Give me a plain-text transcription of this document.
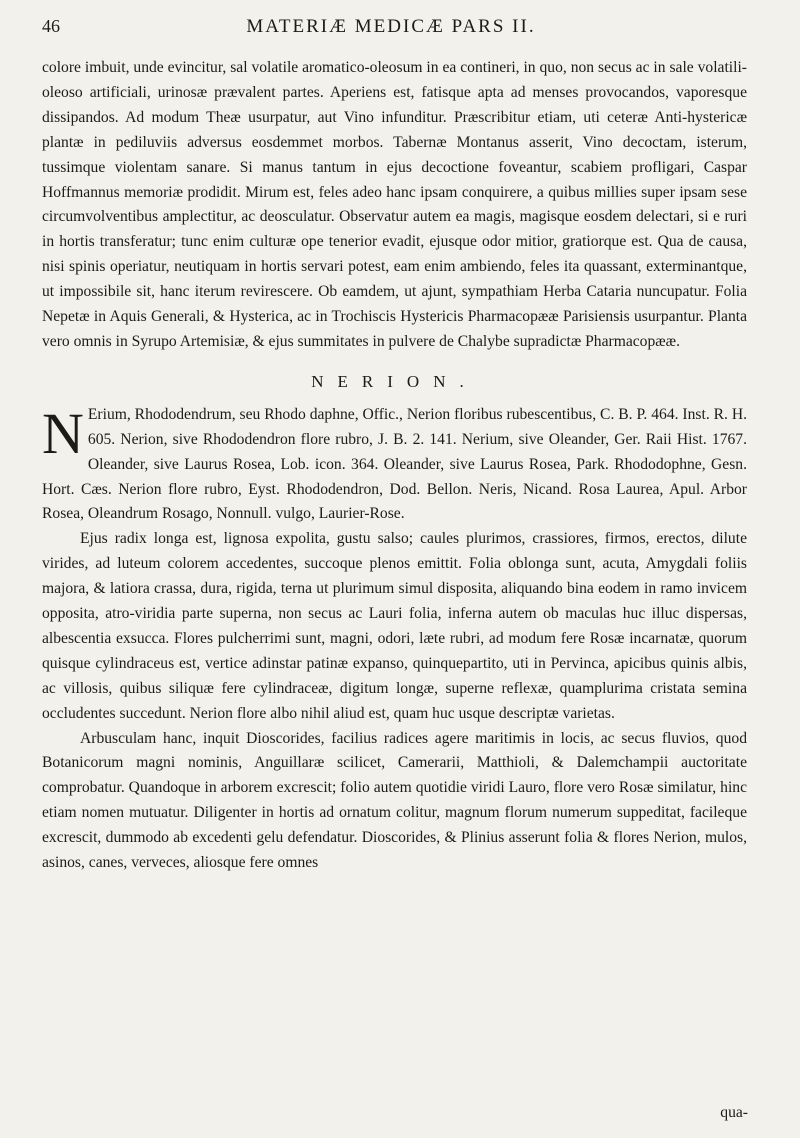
46	MATERIÆ MEDICÆ PARS II.

colore imbuit, unde evincitur, sal volatile aromatico-oleosum in ea contineri, in quo, non secus ac in sale volatili-oleoso artificiali, urinosæ prævalent partes. Aperiens est, fatisque apta ad menses provocandos, vaporesque dissipandos. Ad modum Theæ usurpatur, aut Vino infunditur. Præscribitur etiam, uti ceteræ Anti-hystericæ plantæ in pediluviis adversus eosdemmet morbos. Tabernæ Montanus asserit, Vino decoctam, isterum, tussimque violentam sanare. Si manus tantum in ejus decoctione foveantur, scabiem profligari, Caspar Hoffmannus memoriæ prodidit. Mirum est, feles adeo hanc ipsam conquirere, a quibus millies super ipsam sese circumvolventibus amplectitur, ac deosculatur. Observatur autem ea magis, magisque eosdem delectari, si e ruri in hortis transferatur; tunc enim culturæ ope tenerior evadit, ejusque odor mitior, gratiorque est. Qua de causa, nisi spinis operiatur, neutiquam in hortis servari potest, eam enim ambiendo, feles ita quassant, exterminantque, ut impossibile sit, hanc iterum revirescere. Ob eamdem, ut ajunt, sympathiam Herba Cataria nuncupatur. Folia Nepetæ in Aquis Generali, & Hysterica, ac in Trochiscis Hystericis Pharmacopææ Parisiensis usurpantur. Planta vero omnis in Syrupo Artemisiæ, & ejus summitates in pulvere de Chalybe supradictæ Pharmacopææ.

NERION.

N Erium, Rhododendrum, seu Rhodo daphne, Offic., Nerion floribus rubescentibus, C. B. P. 464. Inst. R. H. 605. Nerion, sive Rhododendron flore rubro, J. B. 2. 141. Nerium, sive Oleander, Ger. Raii Hist. 1767. Oleander, sive Laurus Rosea, Lob. icon. 364. Oleander, sive Laurus Rosea, Park. Rhododophne, Gesn. Hort. Cæs. Nerion flore rubro, Eyst. Rhododendron, Dod. Bellon. Neris, Nicand. Rosa Laurea, Apul. Arbor Rosea, Oleandrum Rosago, Nonnull. vulgo, Laurier-Rose.

Ejus radix longa est, lignosa expolita, gustu salso; caules plurimos, crassiores, firmos, erectos, dilute virides, ad luteum colorem accedentes, succoque plenos emittit. Folia oblonga sunt, acuta, Amygdali foliis majora, & latiora crassa, dura, rigida, terna ut plurimum simul disposita, aliquando bina eodem in ramo invicem opposita, atro-viridia parte superna, non secus ac Lauri folia, inferna autem ob maculas huc illuc dispersas, albescentia exsucca. Flores pulcherrimi sunt, magni, odori, læte rubri, ad modum fere Rosæ incarnatæ, quorum quisque cylindraceus est, vertice adinstar patinæ expanso, quinquepartito, uti in Pervinca, apicibus quinis albis, ac villosis, quibus siliquæ fere cylindraceæ, digitum longæ, superne reflexæ, quamplurima cristata semina occludentes succedunt. Nerion flore albo nihil aliud est, quam huc usque descriptæ varietas.

Arbusculam hanc, inquit Dioscorides, facilius radices agere maritimis in locis, ac secus fluvios, quod Botanicorum magni nominis, Anguillaræ scilicet, Camerarii, Matthioli, & Dalemchampii auctoritate comprobatur. Quandoque in arborem excrescit; folio autem quotidie viridi Lauro, flore vero Rosæ similatur, hinc etiam nomen mutuatur. Diligenter in hortis ad ornatum colitur, magnum florum numerum suppeditat, facileque excrescit, dummodo ab excedenti gelu defendatur. Dioscorides, & Plinius asserunt folia & flores Nerion, mulos, asinos, canes, verveces, aliosque fere omnes

qua-
